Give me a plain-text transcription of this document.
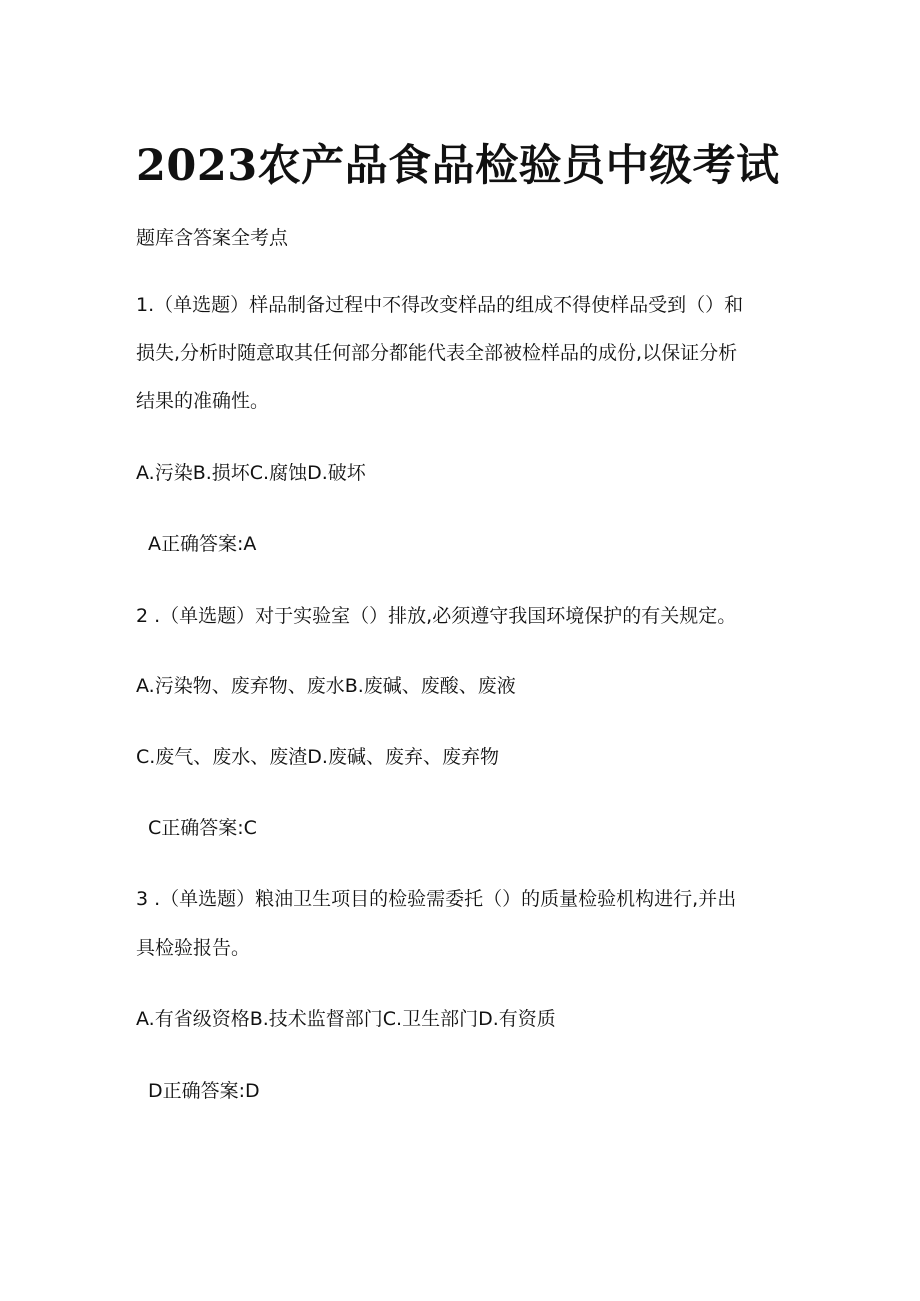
2023农产品食品检验员中级考试
题库含答案全考点
1.（单选题）样品制备过程中不得改变样品的组成不得使样品受到（）和
损失,分析时随意取其任何部分都能代表全部被检样品的成份,以保证分析
结果的准确性。
A.污染B.损坏C.腐蚀D.破坏
A正确答案:A
2 .（单选题）对于实验室（）排放,必须遵守我国环境保护的有关规定。
A.污染物、废弃物、废水B.废碱、废酸、废液
C.废气、废水、废渣D.废碱、废弃、废弃物
C正确答案:C
3 .（单选题）粮油卫生项目的检验需委托（）的质量检验机构进行,并出
具检验报告。
A.有省级资格B.技术监督部门C.卫生部门D.有资质
D正确答案:D
